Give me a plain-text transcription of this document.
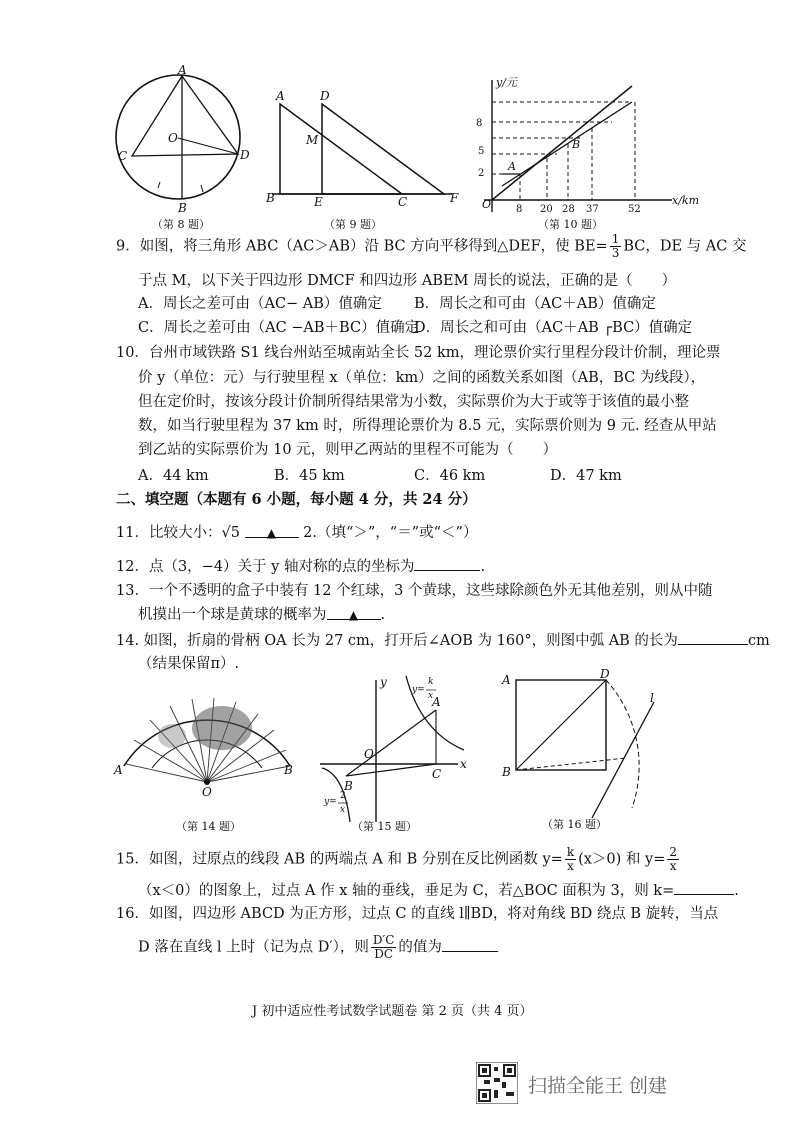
A
O
C	D
B
（第 8 题）
A	D
M
B	E	C	F
（第 9 题）
y/元
x/km
O
8
5
2
8 20 28 37	52
A
B
（第 10 题）
9．如图，将三角形 ABC（AC＞AB）沿 BC 方向平移得到△DEF，使 $BE= \frac{1}{3}$ BC，DE 与 AC 交
于点 M，以下关于四边形 DMCF 和四边形 ABEM 周长的说法，正确的是（　　）
A．周长之差可由（AC− AB）值确定 B．周长之和可由（AC＋AB）值确定
C．周长之差可由（AC −AB＋BC）值确定
D．周长之和可由（AC＋AB ┌BC）值确定
10．台州市域铁路 S1 线台州站至城南站全长 52 km，理论票价实行里程分段计价制，理论票
价 y（单位：元）与行驶里程 x（单位：km）之间的函数关系如图（AB，BC 为线段），
但在定价时，按该分段计价制所得结果常为小数，实际票价为大于或等于该值的最小整
数，如当行驶里程为 37 km 时，所得理论票价为 8.5 元，实际票价则为 9 元. 经查从甲站
到乙站的实际票价为 10 元，则甲乙两站的里程不可能为（　　）
A．44 km	B．45 km	C．46 km	D．47 km
二、填空题（本题有 6 小题，每小题 4 分，共 24 分）
11．比较大小：√5 ▲ 2.（填“＞”，“＝”或“＜”）
12．点（3，−4）关于 y 轴对称的点的坐标为	.
13．一个不透明的盒子中装有 12 个红球，3 个黄球，这些球除颜色外无其他差别，则从中随
机摸出一个球是黄球的概率为 ▲ .
14. 如图，折扇的骨柄 OA 长为 27 cm，打开后∠AOB 为 160°，则图中弧 AB 的长为	cm
（结果保留π）.
A	B
O
（第 14 题）
y
x
O
A
B
C
k
y=
x
y=
2
x
（第 15 题）
A	D
B
l
（第 16 题）
15．如图，过原点的线段 AB 的两端点 A 和 B 分别在反比例函数 $y= \frac{k}{x} (x>0)$ 和 $y= \frac{2}{x}$
（x＜0）的图象上，过点 A 作 x 轴的垂线，垂足为 C，若△BOC 面积为 3，则 k=	.
16．如图，四边形 ABCD 为正方形，过点 C 的直线 l∥BD，将对角线 BD 绕点 B 旋转，当点
D 落在直线 l 上时（记为点 D′），则 $\frac{D'C}{DC}$ 的值为
J 初中适应性考试数学试题卷 第 2 页（共 4 页）
扫描全能王 创建
